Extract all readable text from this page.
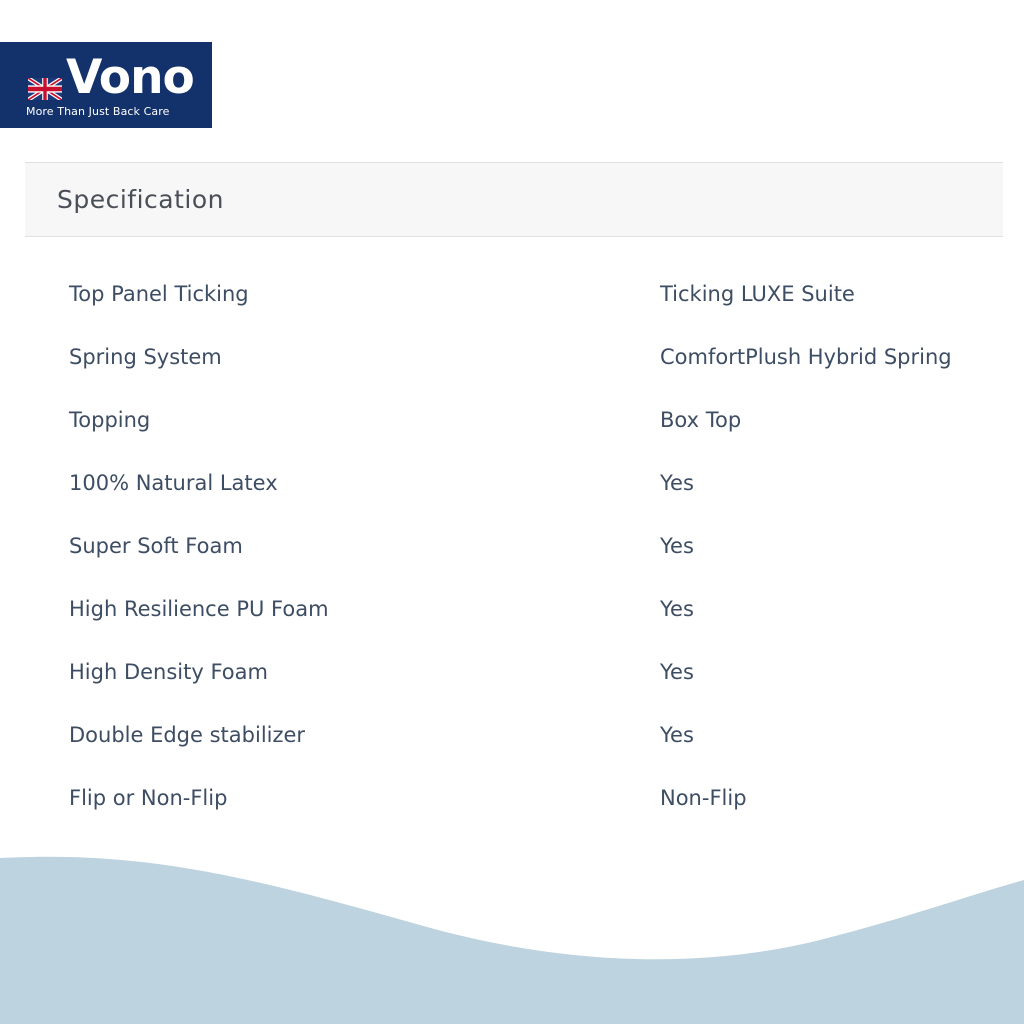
Vono
More Than Just Back Care
Specification
Top Panel Ticking	Ticking LUXE Suite
Spring System	ComfortPlush Hybrid Spring
Topping	Box Top
100% Natural Latex	Yes
Super Soft Foam	Yes
High Resilience PU Foam	Yes
High Density Foam	Yes
Double Edge stabilizer	Yes
Flip or Non-Flip	Non-Flip
